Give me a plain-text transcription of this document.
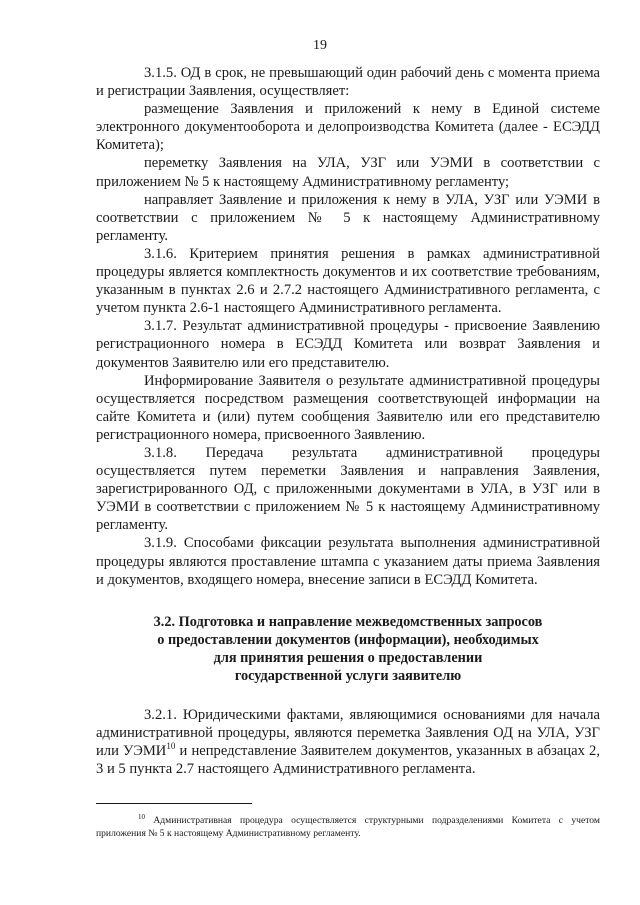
19

3.1.5. ОД в срок, не превышающий один рабочий день с момента приема и регистрации Заявления, осуществляет:

размещение Заявления и приложений к нему в Единой системе электронного документооборота и делопроизводства Комитета (далее - ЕСЭДД Комитета);

переметку Заявления на УЛА, УЗГ или УЭМИ в соответствии с приложением № 5 к настоящему Административному регламенту;

направляет Заявление и приложения к нему в УЛА, УЗГ или УЭМИ в соответствии с приложением № 5 к настоящему Административному регламенту.

3.1.6. Критерием принятия решения в рамках административной процедуры является комплектность документов и их соответствие требованиям, указанным в пунктах 2.6 и 2.7.2 настоящего Административного регламента, с учетом пункта 2.6-1 настоящего Административного регламента.

3.1.7. Результат административной процедуры - присвоение Заявлению регистрационного номера в ЕСЭДД Комитета или возврат Заявления и документов Заявителю или его представителю.

Информирование Заявителя о результате административной процедуры осуществляется посредством размещения соответствующей информации на сайте Комитета и (или) путем сообщения Заявителю или его представителю регистрационного номера, присвоенного Заявлению.

3.1.8. Передача результата административной процедуры осуществляется путем переметки Заявления и направления Заявления, зарегистрированного ОД, с приложенными документами в УЛА, в УЗГ или в УЭМИ в соответствии с приложением № 5 к настоящему Административному регламенту.

3.1.9. Способами фиксации результата выполнения административной процедуры являются проставление штампа с указанием даты приема Заявления и документов, входящего номера, внесение записи в ЕСЭДД Комитета.

3.2. Подготовка и направление межведомственных запросов
о предоставлении документов (информации), необходимых
для принятия решения о предоставлении
государственной услуги заявителю

3.2.1. Юридическими фактами, являющимися основаниями для начала административной процедуры, являются переметка Заявления ОД на УЛА, УЗГ или УЭМИ$^{10}$ и непредставление Заявителем документов, указанных в абзацах 2, 3 и 5 пункта 2.7 настоящего Административного регламента.

$^{10}$ Административная процедура осуществляется структурными подразделениями Комитета с учетом приложения № 5 к настоящему Административному регламенту.
